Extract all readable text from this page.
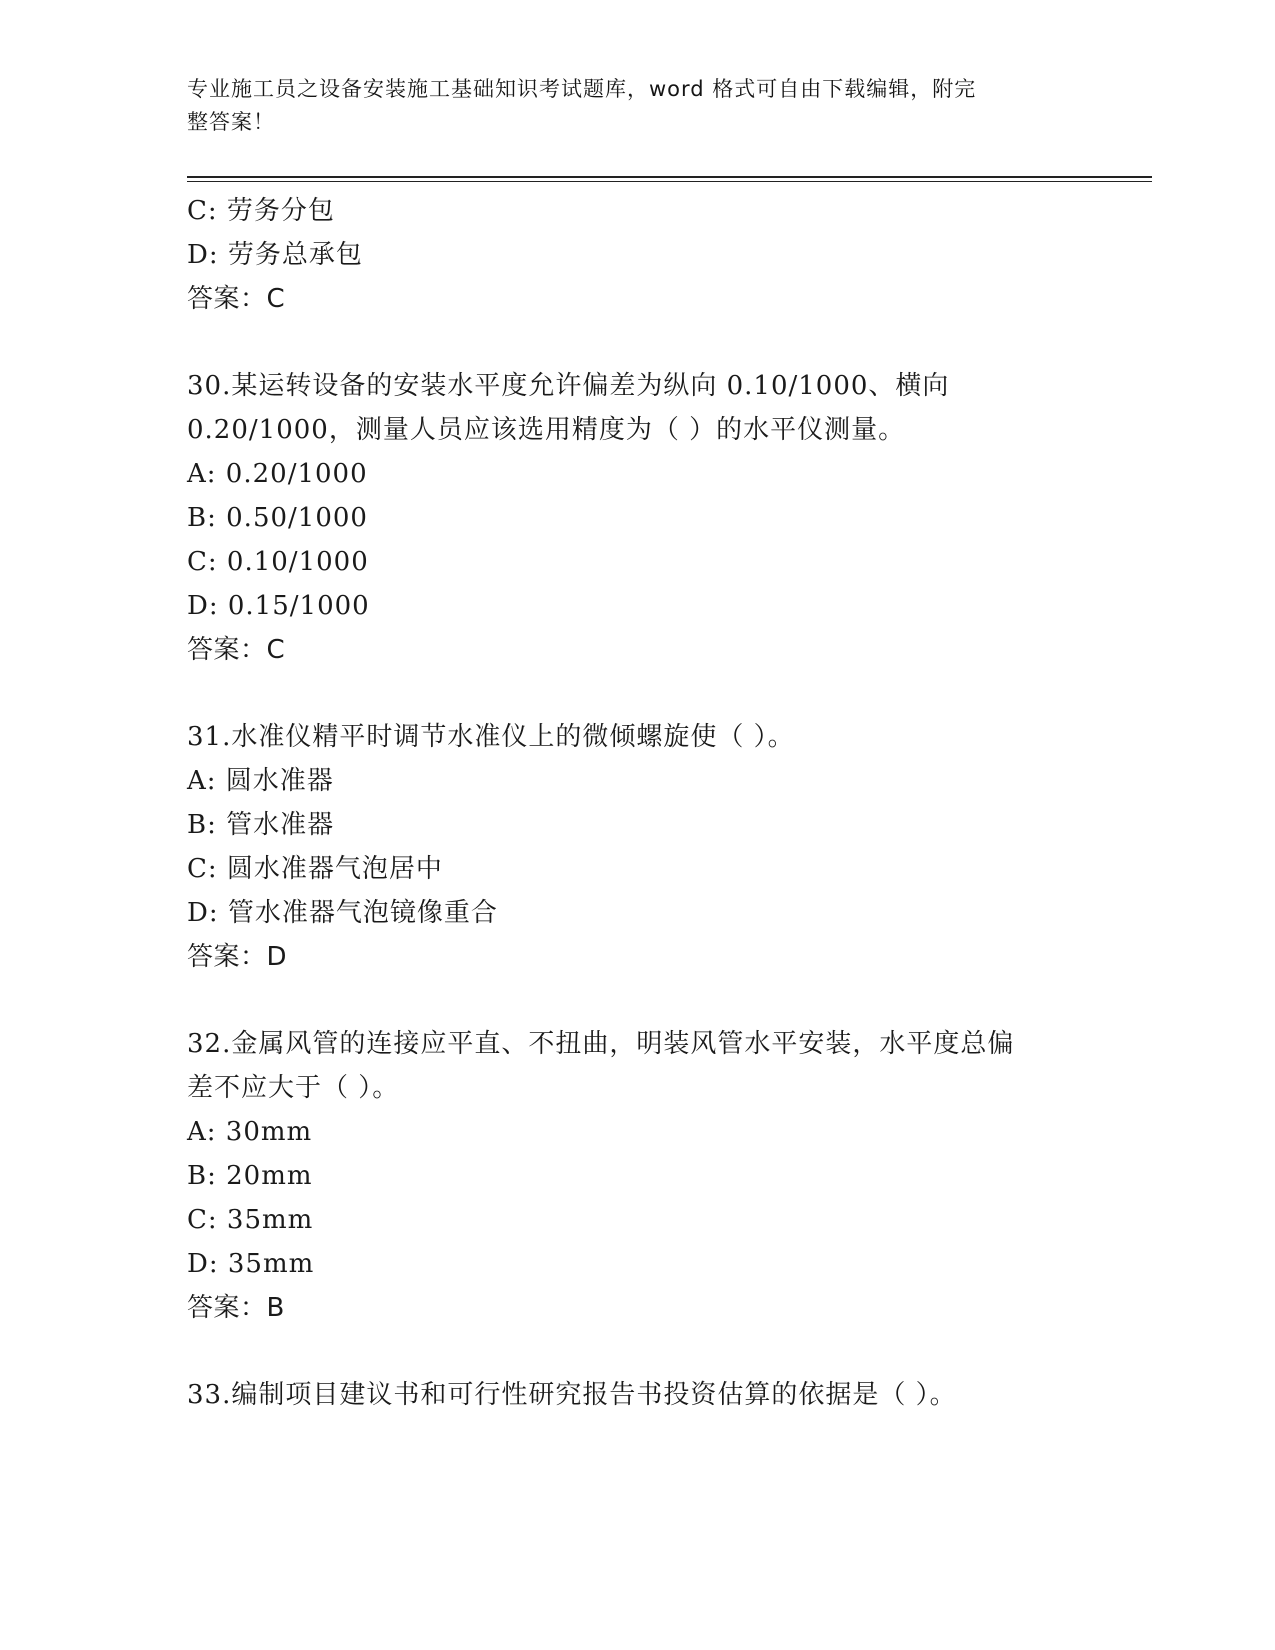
专业施工员之设备安装施工基础知识考试题库，word 格式可自由下载编辑，附完
整答案！
C: 劳务分包
D: 劳务总承包
答案：C
30.某运转设备的安装水平度允许偏差为纵向 0.10/1000、横向
0.20/1000，测量人员应该选用精度为（ ）的水平仪测量。
A: 0.20/1000
B: 0.50/1000
C: 0.10/1000
D: 0.15/1000
答案：C
31.水准仪精平时调节水准仪上的微倾螺旋使（ ）。
A: 圆水准器
B: 管水准器
C: 圆水准器气泡居中
D: 管水准器气泡镜像重合
答案：D
32.金属风管的连接应平直、不扭曲，明装风管水平安装，水平度总偏
差不应大于（ ）。
A: 30mm
B: 20mm
C: 35mm
D: 35mm
答案：B
33.编制项目建议书和可行性研究报告书投资估算的依据是（ ）。
